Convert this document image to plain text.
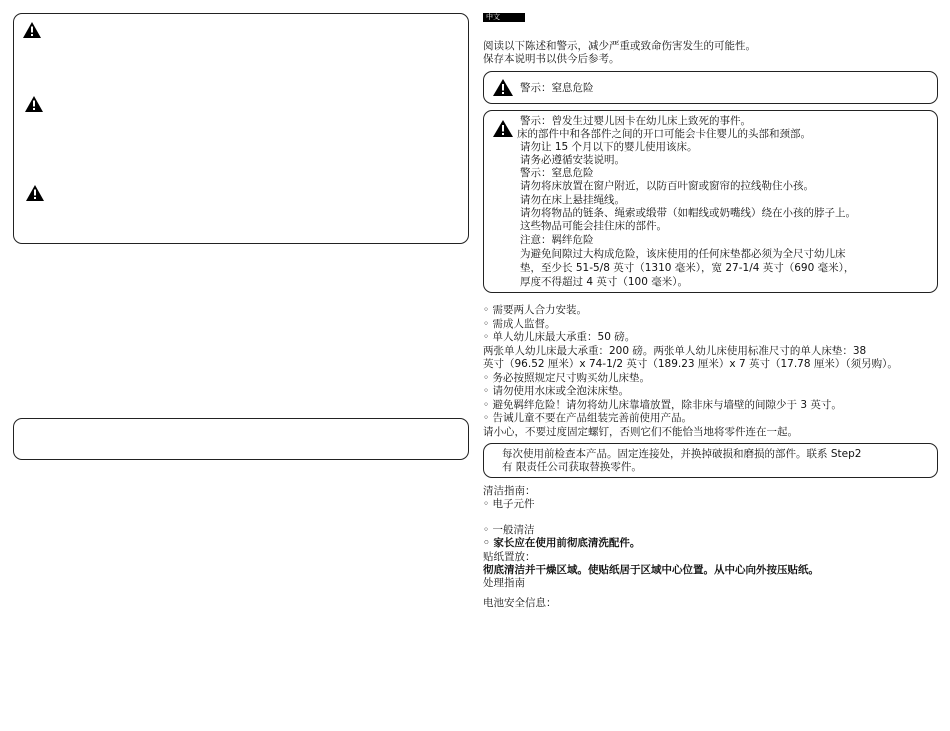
中文
阅读以下陈述和警示，减少严重或致命伤害发生的可能性。
保存本说明书以供今后参考。
警示：窒息危险
警示：曾发生过婴儿因卡在幼儿床上致死的事件。
床的部件中和各部件之间的开口可能会卡住婴儿的头部和颈部。
请勿让 15 个月以下的婴儿使用该床。
请务必遵循安装说明。
警示：窒息危险
请勿将床放置在窗户附近，以防百叶窗或窗帘的拉线勒住小孩。
请勿在床上悬挂绳线。
请勿将物品的链条、绳索或缎带（如帽线或奶嘴线）绕在小孩的脖子上。
这些物品可能会挂住床的部件。
注意：羁绊危险
为避免间隙过大构成危险，该床使用的任何床垫都必须为全尺寸幼儿床
垫，至少长 51-5/8 英寸（1310 毫米），宽 27-1/4 英寸（690 毫米），
厚度不得超过 4 英寸（100 毫米）。
◦ 需要两人合力安装。
◦ 需成人监督。
◦ 单人幼儿床最大承重：50 磅。
两张单人幼儿床最大承重：200 磅。两张单人幼儿床使用标准尺寸的单人床垫：38
英寸（96.52 厘米）x 74-1/2 英寸（189.23 厘米）x 7 英寸（17.78 厘米）（须另购）。
◦ 务必按照规定尺寸购买幼儿床垫。
◦ 请勿使用水床或全泡沫床垫。
◦ 避免羁绊危险！请勿将幼儿床靠墙放置，除非床与墙壁的间隙少于 3 英寸。
◦ 告诫儿童不要在产品组装完善前使用产品。
请小心，不要过度固定螺钉，否则它们不能恰当地将零件连在一起。
每次使用前检查本产品。固定连接处，并换掉破损和磨损的部件。联系 Step2
有 限责任公司获取替换零件。
清洁指南：
◦ 电子元件
◦ 一般清洁
◦ 家长应在使用前彻底清洗配件。
贴纸置放：
彻底清洁并干燥区域。使贴纸居于区域中心位置。从中心向外按压贴纸。
处理指南
电池安全信息：
